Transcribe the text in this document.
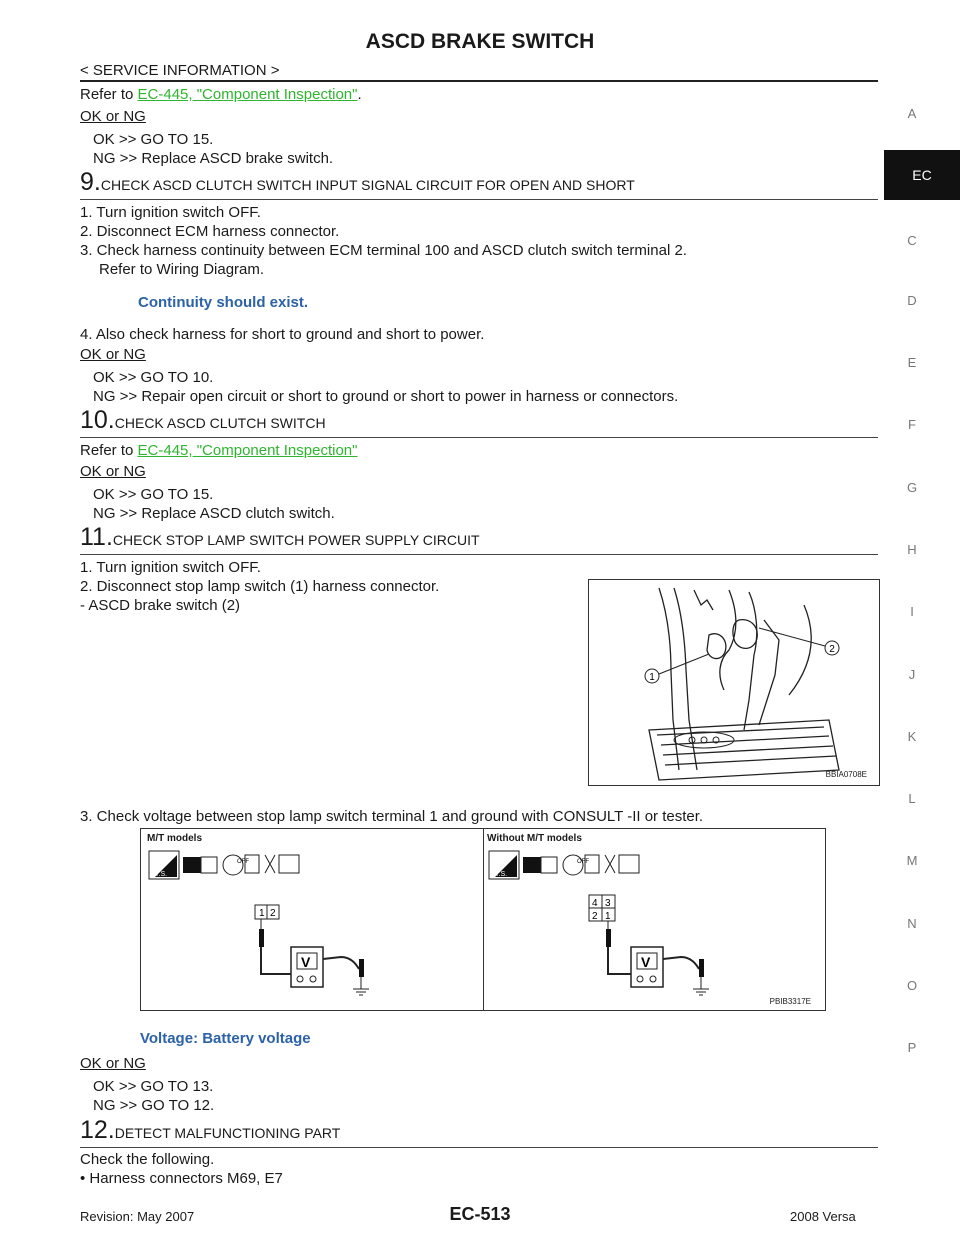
ASCD BRAKE SWITCH
< SERVICE INFORMATION >
Refer to EC-445, "Component Inspection".
OK or NG
OK >> GO TO 15.
NG >> Replace ASCD brake switch.
9.CHECK ASCD CLUTCH SWITCH INPUT SIGNAL CIRCUIT FOR OPEN AND SHORT
1. Turn ignition switch OFF.
2. Disconnect ECM harness connector.
3. Check harness continuity between ECM terminal 100 and ASCD clutch switch terminal 2.
Refer to Wiring Diagram.
Continuity should exist.
4. Also check harness for short to ground and short to power.
OK or NG
OK >> GO TO 10.
NG >> Repair open circuit or short to ground or short to power in harness or connectors.
10.CHECK ASCD CLUTCH SWITCH
Refer to EC-445, "Component Inspection"
OK or NG
OK >> GO TO 15.
NG >> Replace ASCD clutch switch.
11.CHECK STOP LAMP SWITCH POWER SUPPLY CIRCUIT
1. Turn ignition switch OFF.
2. Disconnect stop lamp switch (1) harness connector.
- ASCD brake switch (2)
1
2
BBIA0708E
3. Check voltage between stop lamp switch terminal 1 and ground with CONSULT -II or tester.
M/T models	Without M/T models
T.S.
OFF
1 2
V
T.S.
OFF
4 3
2 1
V
PBIB3317E
Voltage: Battery voltage
OK or NG
OK >> GO TO 13.
NG >> GO TO 12.
12.DETECT MALFUNCTIONING PART
Check the following.
• Harness connectors M69, E7
A
EC
C
D
E
F
G
H
I
J
K
L
M
N
O
P
Revision: May 2007	EC-513	2008 Versa
